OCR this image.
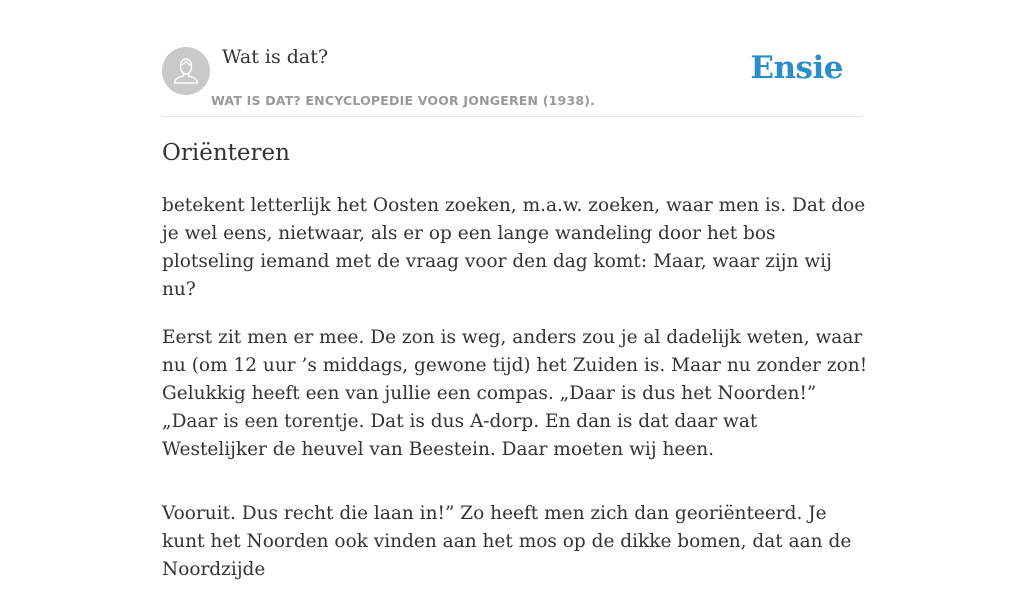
Wat is dat?
WAT IS DAT? ENCYCLOPEDIE VOOR JONGEREN (1938).
Ensie
Oriënteren

betekent letterlijk het Oosten zoeken, m.a.w. zoeken, waar men is. Dat doe je wel eens, nietwaar, als er op een lange wandeling door het bos plotseling iemand met de vraag voor den dag komt: Maar, waar zijn wij nu?

Eerst zit men er mee. De zon is weg, anders zou je al dadelijk weten, waar nu (om 12 uur ’s middags, gewone tijd) het Zuiden is. Maar nu zonder zon! Gelukkig heeft een van jullie een compas. „Daar is dus het Noorden!” „Daar is een torentje. Dat is dus A-dorp. En dan is dat daar wat Westelijker de heuvel van Beestein. Daar moeten wij heen.

Vooruit. Dus recht die laan in!” Zo heeft men zich dan georiënteerd. Je kunt het Noorden ook vinden aan het mos op de dikke bomen, dat aan de Noordzijde
